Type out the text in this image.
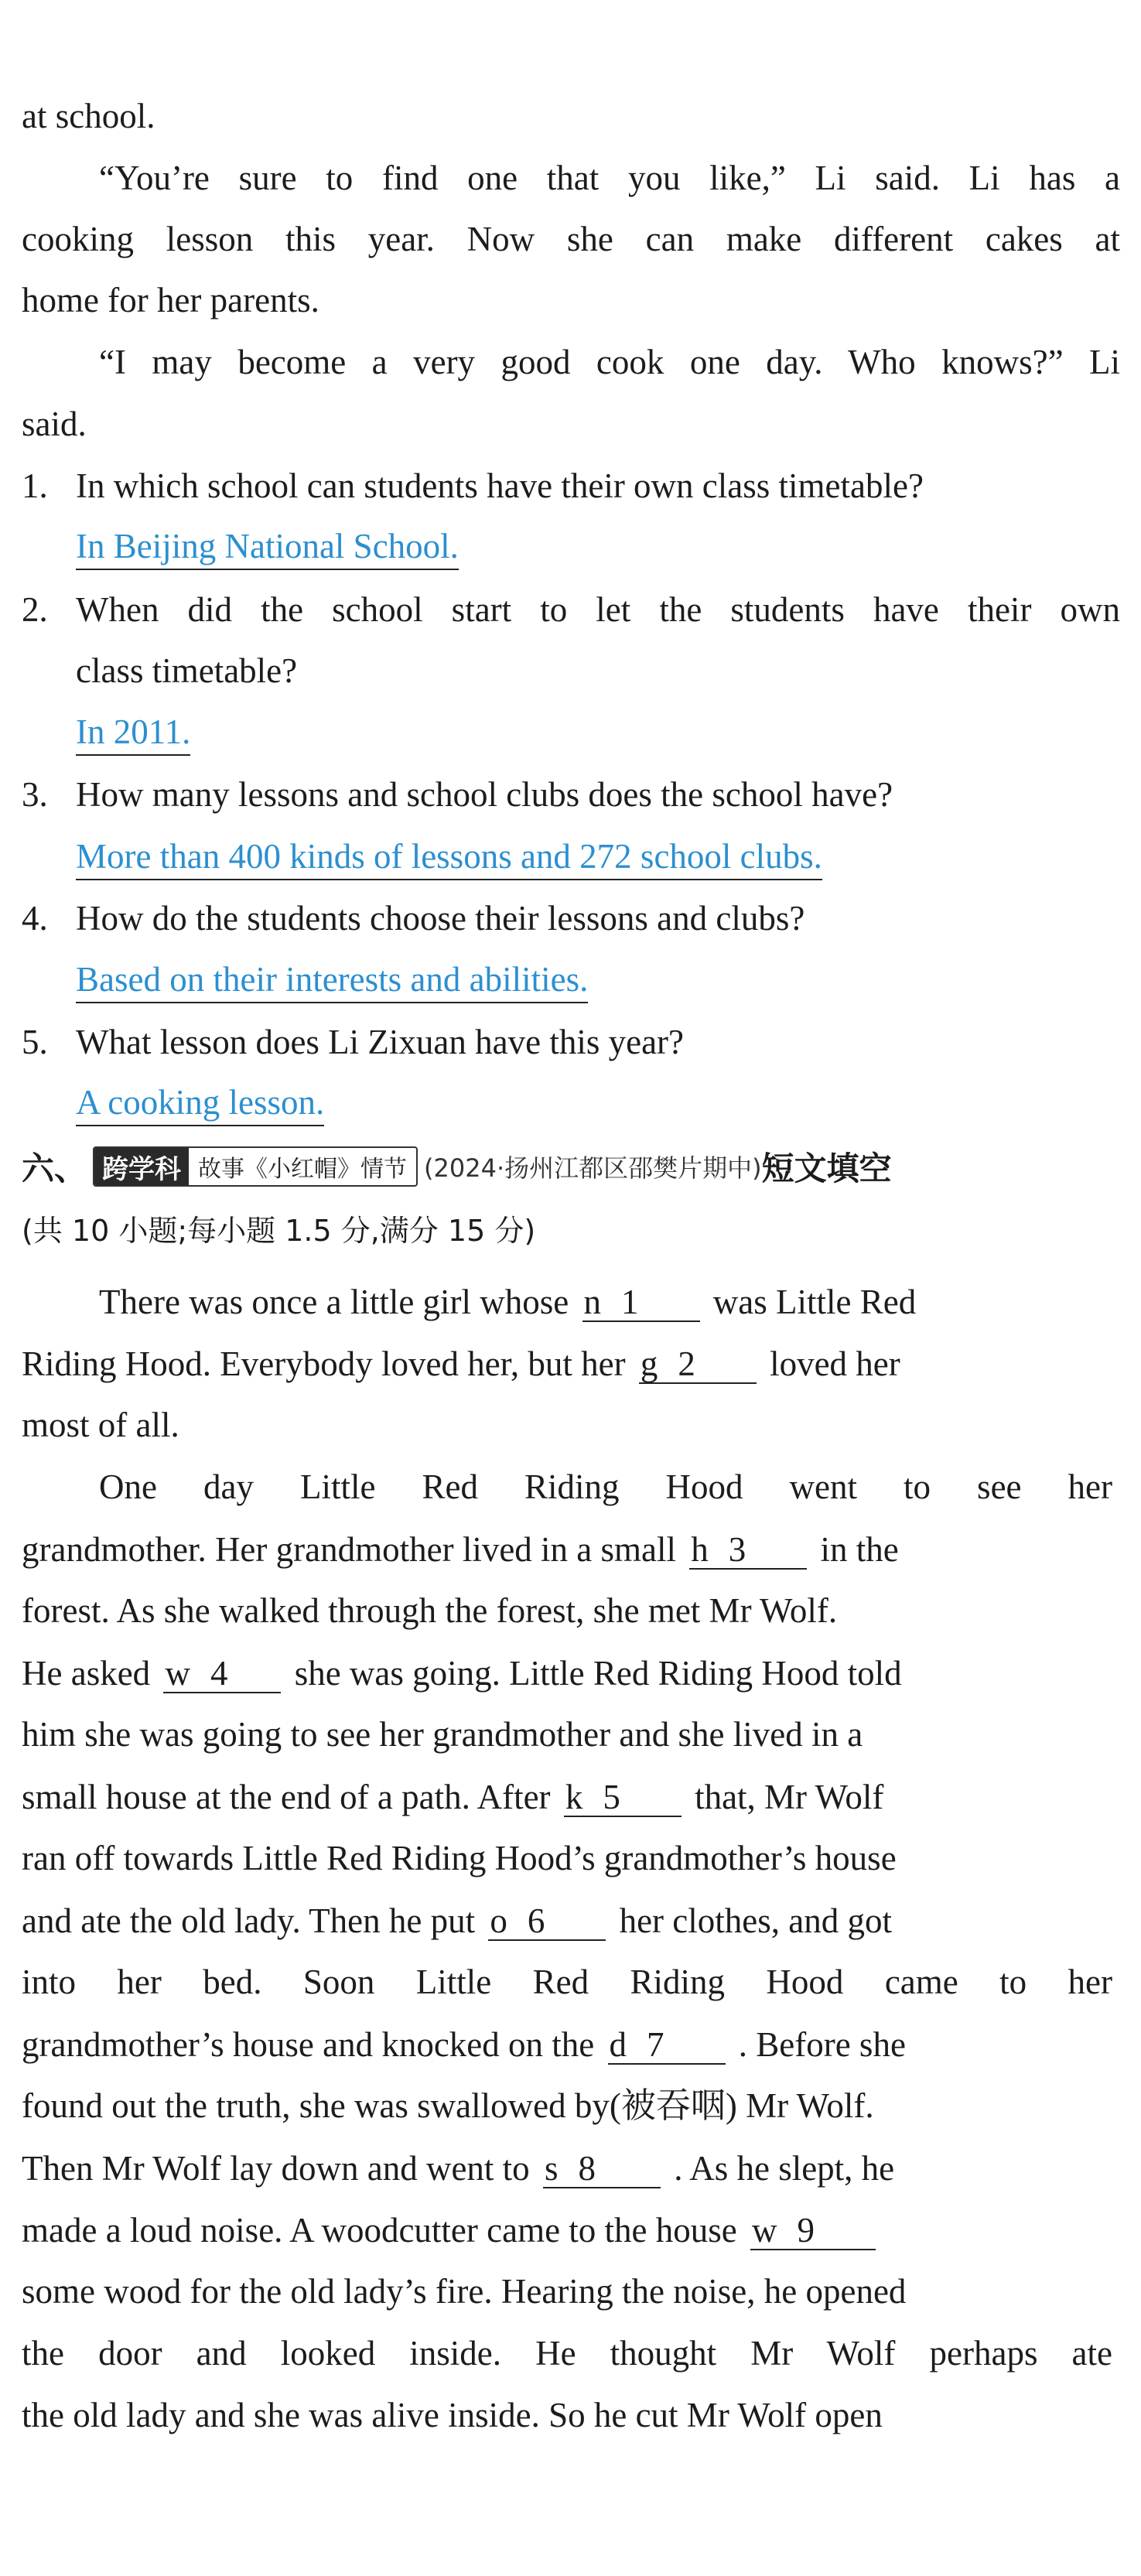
at school.
“You’re sure to find one that you like,” Li said. Li has a
cooking lesson this year. Now she can make different cakes at
home for her parents.
“I may become a very good cook one day. Who knows?” Li
said.
1. In which school can students have their own class timetable?
In Beijing National School.
2. When did the school start to let the students have their own
class timetable?
In 2011.
3. How many lessons and school clubs does the school have?
More than 400 kinds of lessons and 272 school clubs.
4. How do the students choose their lessons and clubs?
Based on their interests and abilities.
5. What lesson does Li Zixuan have this year?
A cooking lesson.
六、 跨学科 故事《小红帽》情节 (2024·扬州江都区邵樊片期中) 短文填空
(共 10 小题;每小题 1.5 分,满分 15 分)
There was once a little girl whose n 1 was Little Red
Riding Hood. Everybody loved her, but her g 2 loved her
most of all.
One day Little Red Riding Hood went to see her
grandmother. Her grandmother lived in a small h 3 in the
forest. As she walked through the forest, she met Mr Wolf.
He asked w 4 she was going. Little Red Riding Hood told
him she was going to see her grandmother and she lived in a
small house at the end of a path. After k 5 that, Mr Wolf
ran off towards Little Red Riding Hood’s grandmother’s house
and ate the old lady. Then he put o 6 her clothes, and got
into her bed. Soon Little Red Riding Hood came to her
grandmother’s house and knocked on the d 7 . Before she
found out the truth, she was swallowed by(被吞咽) Mr Wolf.
Then Mr Wolf lay down and went to s 8 . As he slept, he
made a loud noise. A woodcutter came to the house w 9
some wood for the old lady’s fire. Hearing the noise, he opened
the door and looked inside. He thought Mr Wolf perhaps ate
the old lady and she was alive inside. So he cut Mr Wolf open
